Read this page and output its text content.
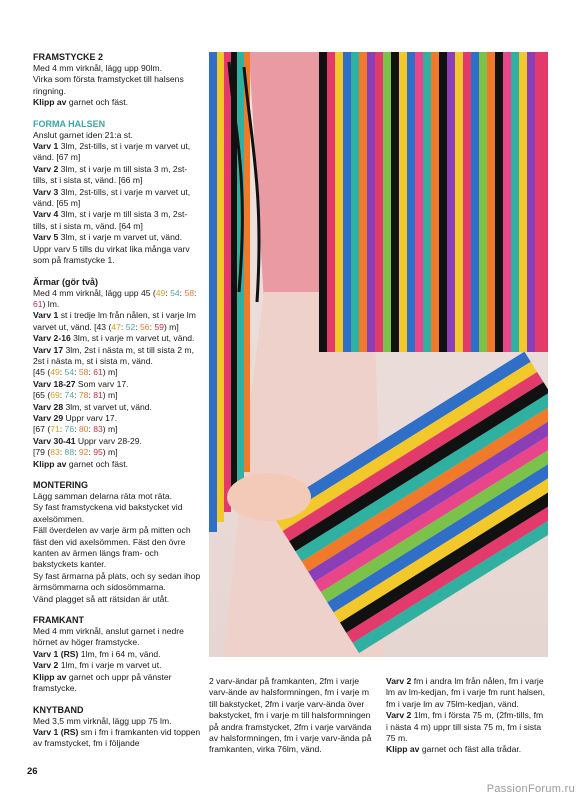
FRAMSTYCKE 2

Med 4 mm virknål, lägg upp 90lm.

Virka som första framstycket till halsens ringning.

Klipp av garnet och fäst.

FORMA HALSEN

Anslut garnet iden 21:a st.

Varv 1 3lm, 2st-tills, st i varje m varvet ut, vänd. [67 m]

Varv 2 3lm, st i varje m till sista 3 m, 2st-tills, st i sista st, vänd. [66 m]

Varv 3 3lm, 2st-tills, st i varje m varvet ut, vänd. [65 m]

Varv 4 3lm, st i varje m till sista 3 m, 2st-tills, st i sista m, vänd. [64 m]

Varv 5 3lm, st i varje m varvet ut, vänd.

Uppr varv 5 tills du virkat lika många varv som på framstycke 1.

Ärmar (gör två)

Med 4 mm virknål, lägg upp 45 (49: 54: 58: 61) lm.

Varv 1 st i tredje lm från nålen, st i varje lm varvet ut, vänd. [43 (47: 52: 56: 59) m]

Varv 2-16 3lm, st i varje m varvet ut, vänd.

Varv 17 3lm, 2st i nästa m, st till sista 2 m, 2st i nästa m, st i sista m, vänd.
[45 (49: 54: 58: 61) m]

Varv 18-27 Som varv 17.
[65 (69: 74: 78: 81) m]

Varv 28 3lm, st varvet ut, vänd.

Varv 29 Uppr varv 17.
[67 (71: 76: 80: 83) m]

Varv 30-41 Uppr varv 28-29.
[79 (83: 88: 92: 95) m]

Klipp av garnet och fäst.

MONTERING

Lägg samman delarna räta mot räta.

Sy fast framstyckena vid bakstycket vid axelsömmen.

Fäll överdelen av varje ärm på mitten och fäst den vid axelsömmen. Fäst den övre kanten av ärmen längs fram- och bakstyckets kanter.

Sy fast ärmarna på plats, och sy sedan ihop ärmsömmarna och sidosömmarna.

Vänd plagget så att rätsidan är utåt.

FRAMKANT

Med 4 mm virknål, anslut garnet i nedre hörnet av höger framstycke.

Varv 1 (RS) 1lm, fm i 64 m, vänd.

Varv 2 1lm, fm i varje m varvet ut.

Klipp av garnet och uppr på vänster framstycke.

KNYTBAND

Med 3,5 mm virknål, lägg upp 75 lm.

Varv 1 (RS) sm i fm i framkanten vid toppen av framstycket, fm i följande

2 varv-ändar på framkanten, 2fm i varje varv-ände av halsformningen, fm i varje m till bakstycket, 2fm i varje varv-ända över bakstycket, fm i varje m till halsformningen på andra framstycket, 2fm i varje varvända av halsformningen, fm i varje varv-ända på framkanten, virka 76lm, vänd.

Varv 2 fm i andra lm från nålen, fm i varje lm av lm-kedjan, fm i varje fm runt halsen, fm i varje lm av 75lm-kedjan, vänd.

Varv 2 1lm, fm i första 75 m, (2fm-tills, fm i nästa 4 m) uppr till sista 75 m, fm i sista 75 m.

Klipp av garnet och fäst alla trådar.

26
PassionForum.ru
